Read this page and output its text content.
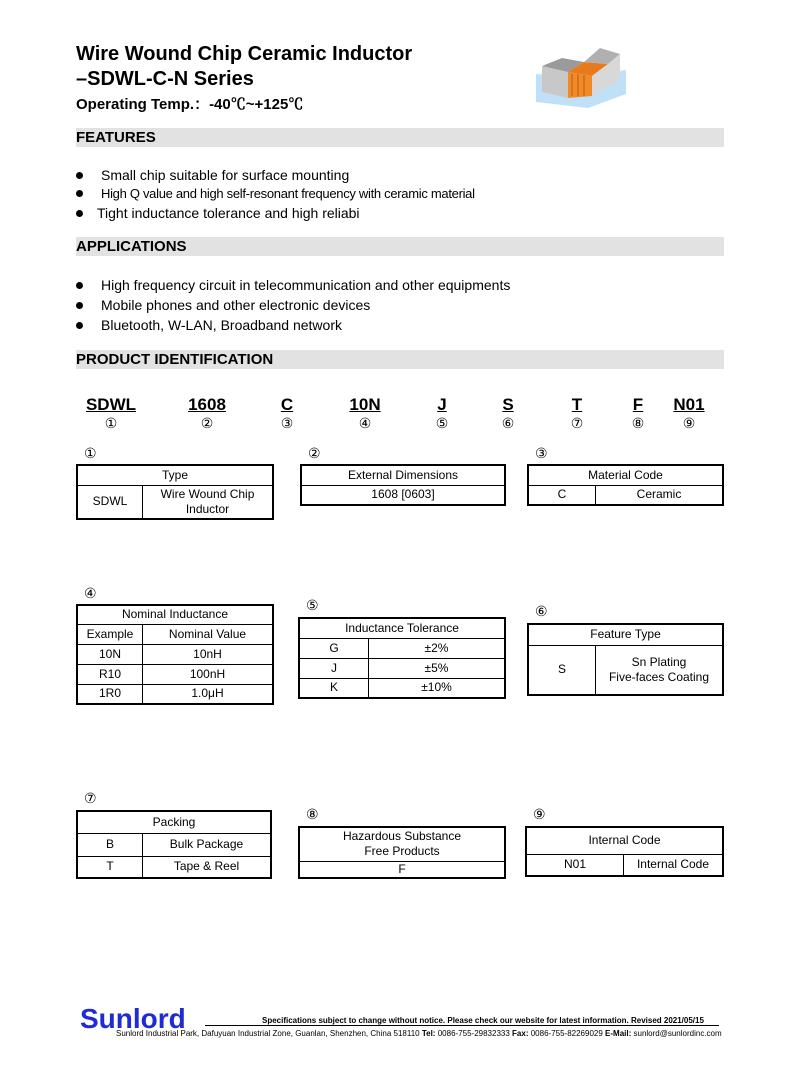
Wire Wound Chip Ceramic Inductor
–SDWL-C-N Series
Operating Temp.：-40℃~+125℃
FEATURES
Small chip suitable for surface mounting
High Q value and high self-resonant frequency with ceramic material
Tight inductance tolerance and high reliabi
APPLICATIONS
High frequency circuit in telecommunication and other equipments
Mobile phones and other electronic devices
Bluetooth, W-LAN, Broadband network
PRODUCT IDENTIFICATION
SDWL	1608	C	10N	J	S	T	F	N01
①	②	③	④	⑤	⑥	⑦	⑧	⑨
①
Type
SDWL	Wire Wound Chip
Inductor
②
External Dimensions
1608 [0603]
③
Material Code
C	Ceramic
④
Nominal Inductance	
Example	Nominal Value
10N	10nH
R10	100nH
1R0	1.0μH
⑤
Inductance Tolerance	
G	±2%
J	±5%
K	±10%
⑥
Feature Type
S	Sn Plating
Five-faces Coating
⑦
Packing	
B	Bulk Package
T	Tape & Reel
⑧
Hazardous Substance
Free Products
F
⑨
Internal Code
N01	Internal Code
Sunlord	Specifications subject to change without notice. Please check our website for latest information. Revised 2021/05/15
Sunlord Industrial Park, Dafuyuan Industrial Zone, Guanlan, Shenzhen, China 518110 Tel: 0086-755-29832333 Fax: 0086-755-82269029 E-Mail: sunlord@sunlordinc.com
